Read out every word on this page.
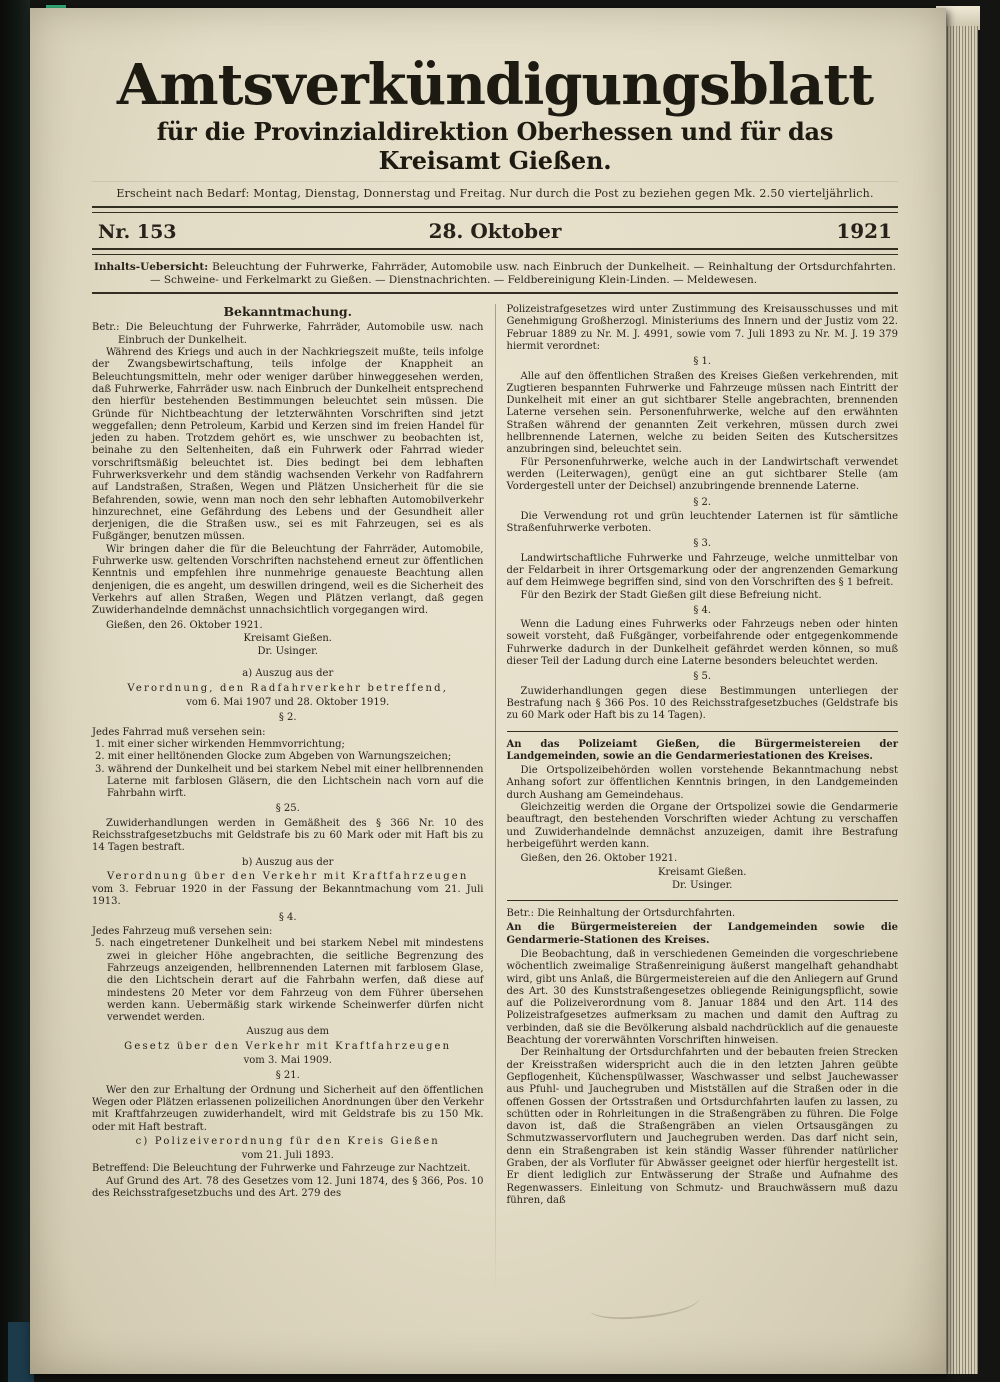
Amtsverkündigungsblatt
für die Provinzialdirektion Oberhessen und für das Kreisamt Gießen.
Erscheint nach Bedarf: Montag, Dienstag, Donnerstag und Freitag. Nur durch die Post zu beziehen gegen Mk. 2.50 vierteljährlich.
Nr. 153	28. Oktober	1921
Inhalts-Uebersicht: Beleuchtung der Fuhrwerke, Fahrräder, Automobile usw. nach Einbruch der Dunkelheit. — Reinhaltung der Ortsdurchfahrten. — Schweine- und Ferkelmarkt zu Gießen. — Dienstnachrichten. — Feldbereinigung Klein-Linden. — Meldewesen.
Bekanntmachung.
Betr.: Die Beleuchtung der Fuhrwerke, Fahrräder, Automobile usw. nach Einbruch der Dunkelheit.
Während des Kriegs und auch in der Nachkriegszeit mußte, teils infolge der Zwangsbewirtschaftung, teils infolge der Knappheit an Beleuchtungsmitteln, mehr oder weniger darüber hinweggesehen werden, daß Fuhrwerke, Fahrräder usw. nach Einbruch der Dunkelheit entsprechend den hierfür bestehenden Bestimmungen beleuchtet sein müssen. Die Gründe für Nichtbeachtung der letzterwähnten Vorschriften sind jetzt weggefallen; denn Petroleum, Karbid und Kerzen sind im freien Handel für jeden zu haben. Trotzdem gehört es, wie unschwer zu beobachten ist, beinahe zu den Seltenheiten, daß ein Fuhrwerk oder Fahrrad wieder vorschriftsmäßig beleuchtet ist. Dies bedingt bei dem lebhaften Fuhrwerksverkehr und dem ständig wachsenden Verkehr von Radfahrern auf Landstraßen, Straßen, Wegen und Plätzen Unsicherheit für die sie Befahrenden, sowie, wenn man noch den sehr lebhaften Automobilverkehr hinzurechnet, eine Gefährdung des Lebens und der Gesundheit aller derjenigen, die die Straßen usw., sei es mit Fahrzeugen, sei es als Fußgänger, benutzen müssen.
Wir bringen daher die für die Beleuchtung der Fahrräder, Automobile, Fuhrwerke usw. geltenden Vorschriften nachstehend erneut zur öffentlichen Kenntnis und empfehlen ihre nunmehrige genaueste Beachtung allen denjenigen, die es angeht, um deswillen dringend, weil es die Sicherheit des Verkehrs auf allen Straßen, Wegen und Plätzen verlangt, daß gegen Zuwiderhandelnde demnächst unnachsichtlich vorgegangen wird.
Gießen, den 26. Oktober 1921.
Kreisamt Gießen.
Dr. Usinger.
a) Auszug aus der
Verordnung, den Radfahrverkehr betreffend,
vom 6. Mai 1907 und 28. Oktober 1919.
§ 2.
Jedes Fahrrad muß versehen sein:
1. mit einer sicher wirkenden Hemmvorrichtung;
2. mit einer helltönenden Glocke zum Abgeben von Warnungszeichen;
3. während der Dunkelheit und bei starkem Nebel mit einer hellbrennenden Laterne mit farblosen Gläsern, die den Lichtschein nach vorn auf die Fahrbahn wirft.
§ 25.
Zuwiderhandlungen werden in Gemäßheit des § 366 Nr. 10 des Reichsstrafgesetzbuchs mit Geldstrafe bis zu 60 Mark oder mit Haft bis zu 14 Tagen bestraft.
b) Auszug aus der
Verordnung über den Verkehr mit Kraftfahrzeugen
vom 3. Februar 1920 in der Fassung der Bekanntmachung vom 21. Juli 1913.
§ 4.
Jedes Fahrzeug muß versehen sein:
5. nach eingetretener Dunkelheit und bei starkem Nebel mit mindestens zwei in gleicher Höhe angebrachten, die seitliche Begrenzung des Fahrzeugs anzeigenden, hellbrennenden Laternen mit farblosem Glase, die den Lichtschein derart auf die Fahrbahn werfen, daß diese auf mindestens 20 Meter vor dem Fahrzeug von dem Führer übersehen werden kann. Uebermäßig stark wirkende Scheinwerfer dürfen nicht verwendet werden.
Auszug aus dem
Gesetz über den Verkehr mit Kraftfahrzeugen
vom 3. Mai 1909.
§ 21.
Wer den zur Erhaltung der Ordnung und Sicherheit auf den öffentlichen Wegen oder Plätzen erlassenen polizeilichen Anordnungen über den Verkehr mit Kraftfahrzeugen zuwiderhandelt, wird mit Geldstrafe bis zu 150 Mk. oder mit Haft bestraft.
c) Polizeiverordnung für den Kreis Gießen
vom 21. Juli 1893.
Betreffend: Die Beleuchtung der Fuhrwerke und Fahrzeuge zur Nachtzeit.
Auf Grund des Art. 78 des Gesetzes vom 12. Juni 1874, des § 366, Pos. 10 des Reichsstrafgesetzbuchs und des Art. 279 des
Polizeistrafgesetzes wird unter Zustimmung des Kreisausschusses und mit Genehmigung Großherzogl. Ministeriums des Innern und der Justiz vom 22. Februar 1889 zu Nr. M. J. 4991, sowie vom 7. Juli 1893 zu Nr. M. J. 19 379 hiermit verordnet:
§ 1.
Alle auf den öffentlichen Straßen des Kreises Gießen verkehrenden, mit Zugtieren bespannten Fuhrwerke und Fahrzeuge müssen nach Eintritt der Dunkelheit mit einer an gut sichtbarer Stelle angebrachten, brennenden Laterne versehen sein. Personenfuhrwerke, welche auf den erwähnten Straßen während der genannten Zeit verkehren, müssen durch zwei hellbrennende Laternen, welche zu beiden Seiten des Kutschersitzes anzubringen sind, beleuchtet sein.
Für Personenfuhrwerke, welche auch in der Landwirtschaft verwendet werden (Leiterwagen), genügt eine an gut sichtbarer Stelle (am Vordergestell unter der Deichsel) anzubringende brennende Laterne.
§ 2.
Die Verwendung rot und grün leuchtender Laternen ist für sämtliche Straßenfuhrwerke verboten.
§ 3.
Landwirtschaftliche Fuhrwerke und Fahrzeuge, welche unmittelbar von der Feldarbeit in ihrer Ortsgemarkung oder der angrenzenden Gemarkung auf dem Heimwege begriffen sind, sind von den Vorschriften des § 1 befreit.
Für den Bezirk der Stadt Gießen gilt diese Befreiung nicht.
§ 4.
Wenn die Ladung eines Fuhrwerks oder Fahrzeugs neben oder hinten soweit vorsteht, daß Fußgänger, vorbeifahrende oder entgegenkommende Fuhrwerke dadurch in der Dunkelheit gefährdet werden können, so muß dieser Teil der Ladung durch eine Laterne besonders beleuchtet werden.
§ 5.
Zuwiderhandlungen gegen diese Bestimmungen unterliegen der Bestrafung nach § 366 Pos. 10 des Reichsstrafgesetzbuches (Geldstrafe bis zu 60 Mark oder Haft bis zu 14 Tagen).
An das Polizeiamt Gießen, die Bürgermeistereien der Landgemeinden, sowie an die Gendarmeriestationen des Kreises.
Die Ortspolizeibehörden wollen vorstehende Bekanntmachung nebst Anhang sofort zur öffentlichen Kenntnis bringen, in den Landgemeinden durch Aushang am Gemeindehaus.
Gleichzeitig werden die Organe der Ortspolizei sowie die Gendarmerie beauftragt, den bestehenden Vorschriften wieder Achtung zu verschaffen und Zuwiderhandelnde demnächst anzuzeigen, damit ihre Bestrafung herbeigeführt werden kann.
Gießen, den 26. Oktober 1921.
Kreisamt Gießen.
Dr. Usinger.
Betr.: Die Reinhaltung der Ortsdurchfahrten.
An die Bürgermeistereien der Landgemeinden sowie die Gendarmerie-Stationen des Kreises.
Die Beobachtung, daß in verschiedenen Gemeinden die vorgeschriebene wöchentlich zweimalige Straßenreinigung äußerst mangelhaft gehandhabt wird, gibt uns Anlaß, die Bürgermeistereien auf die den Anliegern auf Grund des Art. 30 des Kunststraßengesetzes obliegende Reinigungspflicht, sowie auf die Polizeiverordnung vom 8. Januar 1884 und den Art. 114 des Polizeistrafgesetzes aufmerksam zu machen und damit den Auftrag zu verbinden, daß sie die Bevölkerung alsbald nachdrücklich auf die genaueste Beachtung der vorerwähnten Vorschriften hinweisen.
Der Reinhaltung der Ortsdurchfahrten und der bebauten freien Strecken der Kreisstraßen widerspricht auch die in den letzten Jahren geübte Gepflogenheit, Küchenspülwasser, Waschwasser und selbst Jauchewasser aus Pfuhl- und Jauchegruben und Mistställen auf die Straßen oder in die offenen Gossen der Ortsstraßen und Ortsdurchfahrten laufen zu lassen, zu schütten oder in Rohrleitungen in die Straßengräben zu führen. Die Folge davon ist, daß die Straßengräben an vielen Ortsausgängen zu Schmutzwasservorflutern und Jauchegruben werden. Das darf nicht sein, denn ein Straßengraben ist kein ständig Wasser führender natürlicher Graben, der als Vorfluter für Abwässer geeignet oder hierfür hergestellt ist. Er dient lediglich zur Entwässerung der Straße und Aufnahme des Regenwassers. Einleitung von Schmutz- und Brauchwässern muß dazu führen, daß
